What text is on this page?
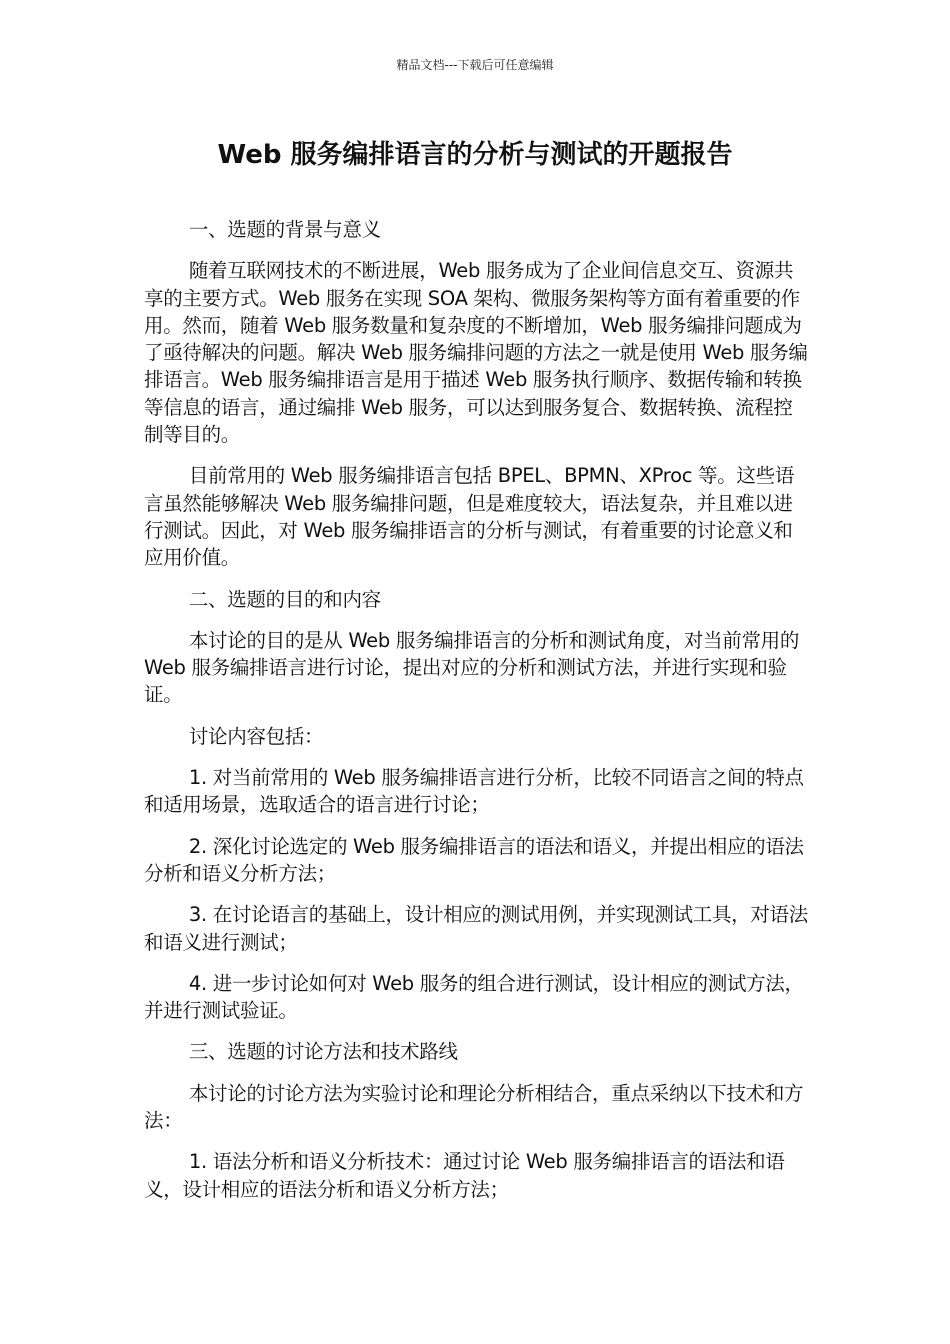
精品文档---下载后可任意编辑
Web 服务编排语言的分析与测试的开题报告

一、选题的背景与意义

随着互联网技术的不断进展，Web 服务成为了企业间信息交互、资源共享的主要方式。Web 服务在实现 SOA 架构、微服务架构等方面有着重要的作用。然而，随着 Web 服务数量和复杂度的不断增加，Web 服务编排问题成为了亟待解决的问题。解决 Web 服务编排问题的方法之一就是使用 Web 服务编排语言。Web 服务编排语言是用于描述 Web 服务执行顺序、数据传输和转换等信息的语言，通过编排 Web 服务，可以达到服务复合、数据转换、流程控制等目的。

目前常用的 Web 服务编排语言包括 BPEL、BPMN、XProc 等。这些语言虽然能够解决 Web 服务编排问题，但是难度较大，语法复杂，并且难以进行测试。因此，对 Web 服务编排语言的分析与测试，有着重要的讨论意义和应用价值。

二、选题的目的和内容

本讨论的目的是从 Web 服务编排语言的分析和测试角度，对当前常用的 Web 服务编排语言进行讨论，提出对应的分析和测试方法，并进行实现和验证。

讨论内容包括：

1. 对当前常用的 Web 服务编排语言进行分析，比较不同语言之间的特点和适用场景，选取适合的语言进行讨论；

2. 深化讨论选定的 Web 服务编排语言的语法和语义，并提出相应的语法分析和语义分析方法；

3. 在讨论语言的基础上，设计相应的测试用例，并实现测试工具，对语法和语义进行测试；

4. 进一步讨论如何对 Web 服务的组合进行测试，设计相应的测试方法，并进行测试验证。

三、选题的讨论方法和技术路线

本讨论的讨论方法为实验讨论和理论分析相结合，重点采纳以下技术和方法：

1. 语法分析和语义分析技术：通过讨论 Web 服务编排语言的语法和语义，设计相应的语法分析和语义分析方法；
